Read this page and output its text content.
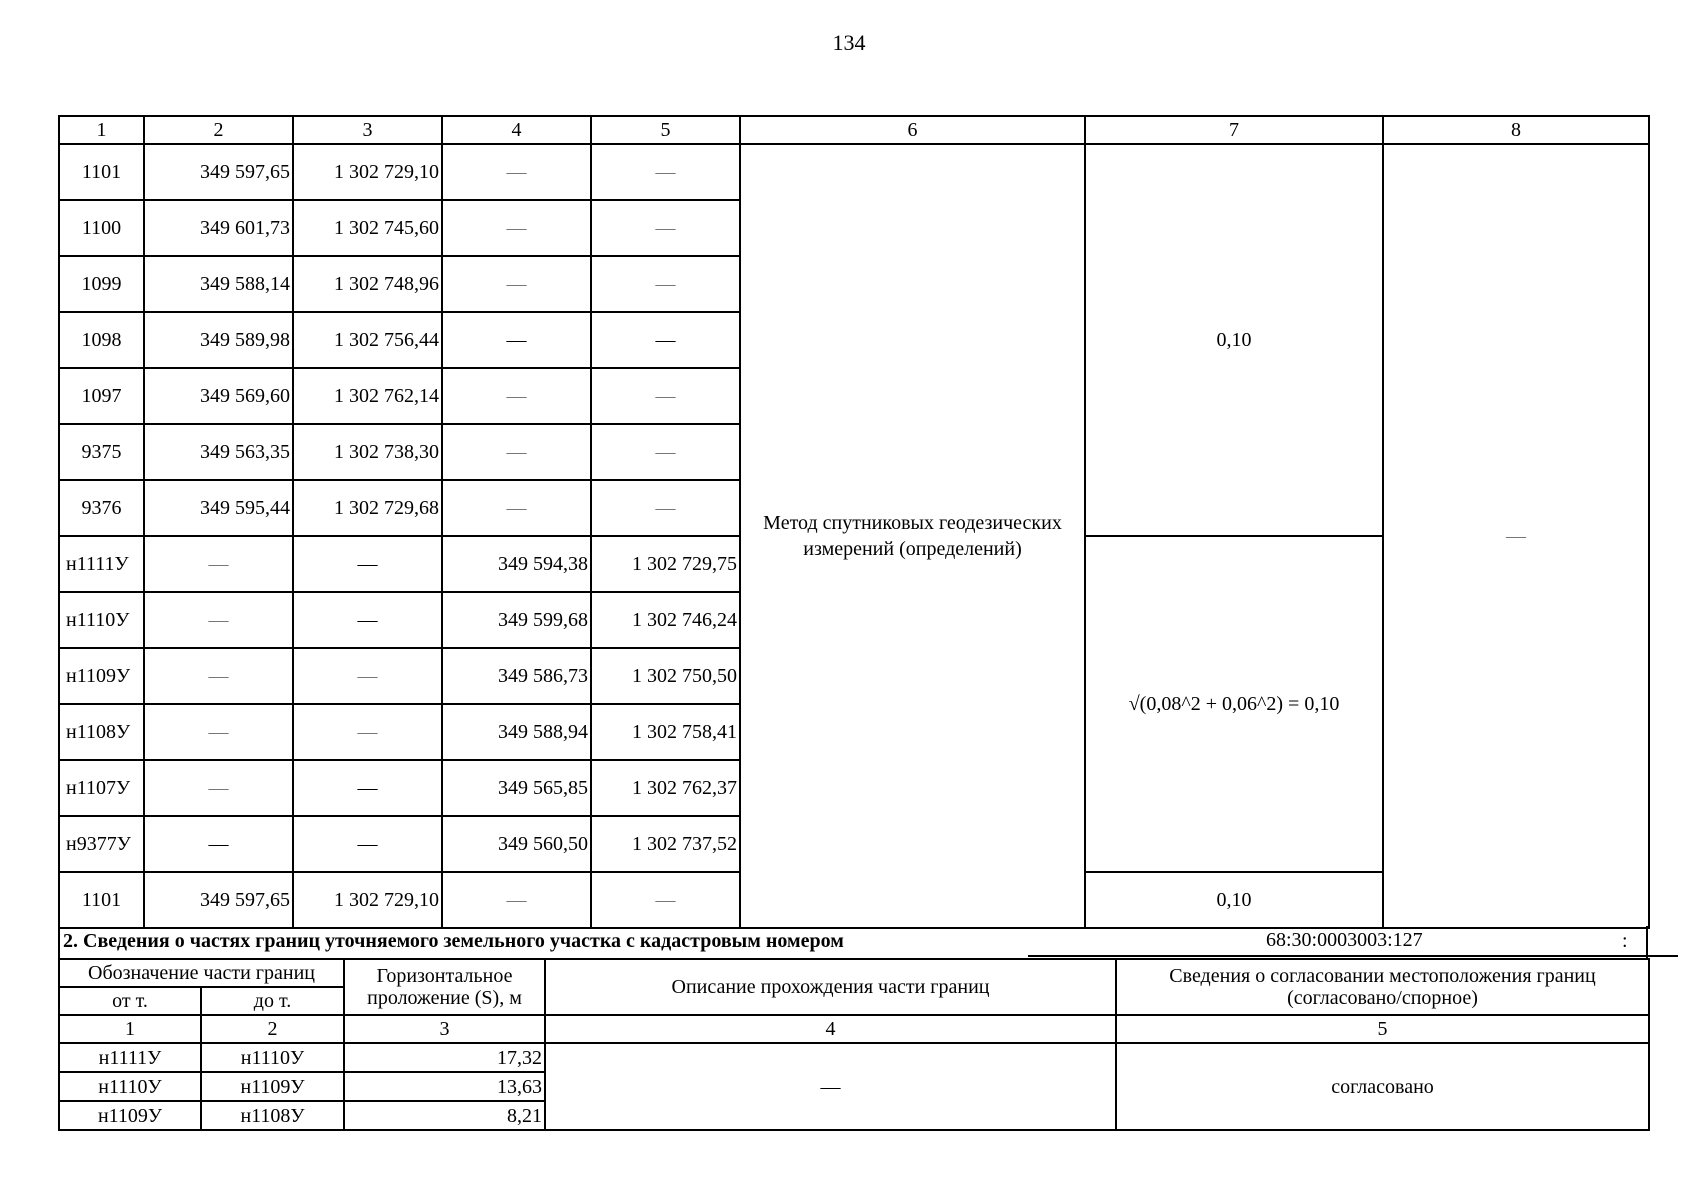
134
1	2	3	4	5	6	7	8
1101	349 597,65	1 302 729,10	—	—	Метод спутниковых геодезических измерений (определений)	0,10	—
1100	349 601,73	1 302 745,60	—	—			
1099	349 588,14	1 302 748,96	—	—			
1098	349 589,98	1 302 756,44	—	—			
1097	349 569,60	1 302 762,14	—	—			
9375	349 563,35	1 302 738,30	—	—			
9376	349 595,44	1 302 729,68	—	—			
н1111У	—	—	349 594,38	1 302 729,75		√(0,08^2 + 0,06^2) = 0,10	
н1110У	—	—	349 599,68	1 302 746,24			
н1109У	—	—	349 586,73	1 302 750,50			
н1108У	—	—	349 588,94	1 302 758,41			
н1107У	—	—	349 565,85	1 302 762,37			
н9377У	—	—	349 560,50	1 302 737,52			
1101	349 597,65	1 302 729,10	—	—		0,10	
2. Сведения о частях границ уточняемого земельного участка с кадастровым номером	68:30:0003003:127	:
Обозначение части границ		Горизонтальное проложение (S), м	Описание прохождения части границ	Сведения о согласовании местоположения границ (согласовано/спорное)
от т.	до т.			
1	2	3	4	5
н1111У	н1110У	17,32	—	согласовано
н1110У	н1109У	13,63		
н1109У	н1108У	8,21		
